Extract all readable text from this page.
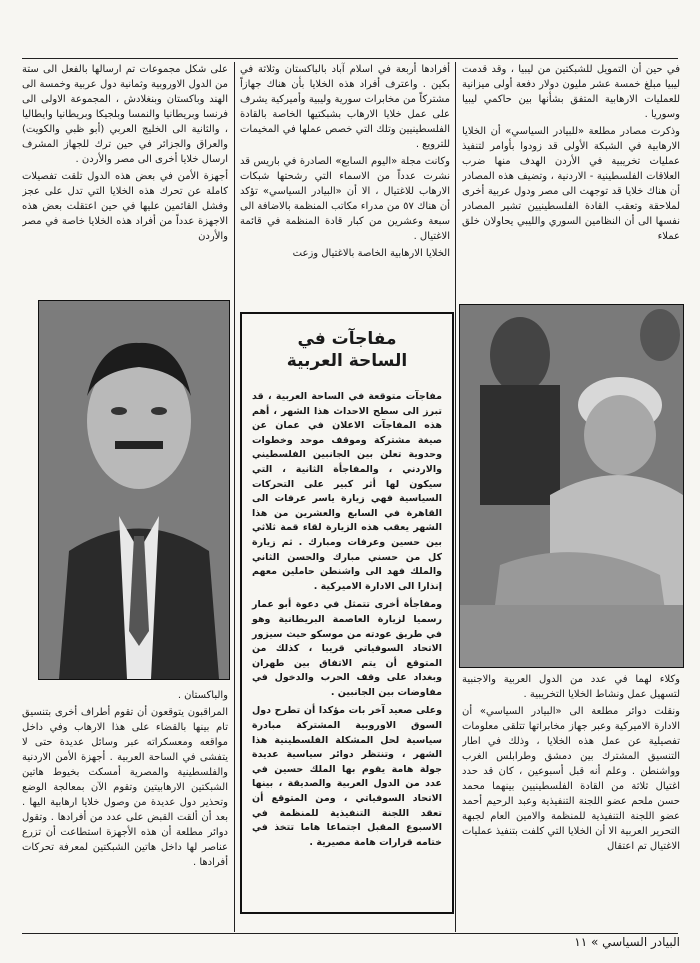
في حين أن التمويل للشبكتين من ليبيا ، وقد قدمت ليبيا مبلغ خمسة عشر مليون دولار دفعة أولى ميزانية للعمليات الارهابية المتفق بشأنها بين حاكمي ليبيا وسوريا .

وذكرت مصادر مطلعة «للبيادر السياسي» أن الخلايا الارهابية في الشبكة الأولى قد زودوا بأوامر لتنفيذ عمليات تخريبية في الأردن الهدف منها ضرب العلاقات الفلسطينية - الاردنية ، وتضيف هذه المصادر أن هناك خلايا قد توجهت الى مصر ودول عربية أخرى لملاحقة وتعقب القادة الفلسطينيين تشير المصادر نفسها الى أن النظامين السوري والليبي يحاولان خلق عملاء

أفرادها أربعة في اسلام آباد بالباكستان وثلاثة في بكين . واعترف أفراد هذه الخلايا بأن هناك جهازاً مشتركاً من مخابرات سورية وليبية وأميركية يشرف على عمل خلايا الارهاب بشبكتيها الخاصة بالقادة الفلسطينيين وتلك التي خصص عملها في المخيمات للترويع .

وكانت مجلة «اليوم السابع» الصادرة في باريس قد نشرت عدداً من الاسماء التي رشحتها شبكات الارهاب للاغتيال ، الا أن «البيادر السياسي» تؤكد أن هناك ٥٧ من مدراء مكاتب المنظمة بالاضافة الى سبعة وعشرين من كبار قادة المنظمة في قائمة الاغتيال .

الخلايا الارهابية الخاصة بالاغتيال وزعت

على شكل مجموعات تم ارسالها بالفعل الى ستة من الدول الاوروبية وثمانية دول عربية وخمسة الى الهند وباكستان وبنغلادش ، المجموعة الاولى الى فرنسا وبريطانيا والنمسا وبلجيكا وبريطانيا وايطاليا ، والثانية الى الخليج العربي (أبو ظبي والكويت) والعراق والجزائر في حين ترك للجهاز المشرف ارسال خلايا أخرى الى مصر والأردن .

أجهزة الأمن في بعض هذه الدول تلقت تفصيلات كاملة عن تحرك هذه الخلايا التي تدل على عجز وفشل القائمين عليها في حين اعتقلت بعض هذه الاجهزة عدداً من أفراد هذه الخلايا خاصة في مصر والأردن

والباكستان .

المراقبون يتوقعون أن تقوم أطراف أخرى بتنسيق تام بينها بالقضاء على هذا الارهاب وفي داخل مواقعه ومعسكراته عبر وسائل عديدة حتى لا يتفشى في الساحة العربية . أجهزة الأمن الاردنية والفلسطينية والمصرية أمسكت بخيوط هاتين الشبكتين الارهابيتين وتقوم الآن بمعالجة الوضع وتحذير دول عديدة من وصول خلايا ارهابية اليها . بعد أن ألقت القبض على عدد من أفرادها . وتقول دوائر مطلعة أن هذه الأجهزة استطاعت أن تزرع عناصر لها داخل هاتين الشبكتين لمعرفة تحركات أفرادها .

وكلاء لهما في عدد من الدول العربية والاجنبية لتسهيل عمل ونشاط الخلايا التخريبية .

ونقلت دوائر مطلعة الى «البيادر السياسي» أن الادارة الاميركية وعبر جهاز مخابراتها تتلقى معلومات تفصيلية عن عمل هذه الخلايا ، وذلك في اطار التنسيق المشترك بين دمشق وطرابلس الغرب وواشنطن . وعلم أنه قبل أسبوعين ، كان قد حدد اغتيال ثلاثة من القادة الفلسطينيين بينهما محمد حسن ملحم عضو اللجنة التنفيذية وعبد الرحيم أحمد عضو اللجنة التنفيذية للمنظمة والامين العام لجبهة التحرير العربية الا أن الخلايا التي كلفت بتنفيذ عمليات الاغتيال تم اعتقال

مفاجآت في
الساحة العربية

مفاجآت متوقعة في الساحة العربية ، قد تبرز الى سطح الاحداث هذا الشهر ، أهم هذه المفاجآت الاعلان في عمان عن صيغة مشتركة وموقف موحد وخطوات وحدوية تعلن بين الجانبين الفلسطيني والاردني ، والمفاجأة الثانية ، التي سيكون لها أثر كبير على التحركات السياسية فهي زيارة ياسر عرفات الى القاهرة في السابع والعشرين من هذا الشهر يعقب هذه الزيارة لقاء قمة ثلاثي بين حسين وعرفات ومبارك . ثم زيارة كل من حسني مبارك والحسن الثاني والملك فهد الى واشنطن حاملين معهم إنذارا الى الادارة الاميركية .

ومفاجأة أخرى تتمثل في دعوة أبو عمار رسميا لزيارة العاصمة البريطانية وهو في طريق عودته من موسكو حيث سيزور الاتحاد السوفياتي قريبا ، كذلك من المتوقع أن يتم الاتفاق بين طهران وبغداد على وقف الحرب والدخول في مفاوضات بين الجانبين .

وعلى صعيد آخر بات مؤكدا أن تطرح دول السوق الاوروبية المشتركة مبادرة سياسية لحل المشكلة الفلسطينية هذا الشهر ، وتنتظر دوائر سياسية عديدة جولة هامة يقوم بها الملك حسين في عدد من الدول العربية والصديقة ، بينها الاتحاد السوفياتي ، ومن المتوقع أن تعقد اللجنة التنفيذية للمنظمة في الاسبوع المقبل اجتماعا هاما تتخذ في ختامه قرارات هامة مصيرية .

البيادر السياسي » ١١
